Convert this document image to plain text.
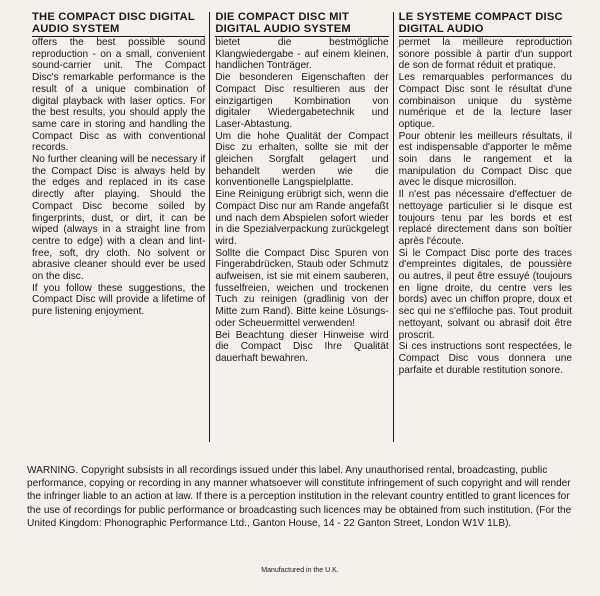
THE COMPACT DISC DIGITAL AUDIO SYSTEM

offers the best possible sound reproduction - on a small, convenient sound-carrier unit. The Compact Disc's remarkable performance is the result of a unique combination of digital playback with laser optics. For the best results, you should apply the same care in storing and handling the Compact Disc as with conventional records.

No further cleaning will be necessary if the Compact Disc is always held by the edges and replaced in its case directly after playing. Should the Compact Disc become soiled by fingerprints, dust, or dirt, it can be wiped (always in a straight line from centre to edge) with a clean and lint-free, soft, dry cloth. No solvent or abrasive cleaner should ever be used on the disc.

If you follow these suggestions, the Compact Disc will provide a lifetime of pure listening enjoyment.

DIE COMPACT DISC MIT DIGITAL AUDIO SYSTEM

bietet die bestmögliche Klangwiedergabe - auf einem kleinen, handlichen Tonträger.

Die besonderen Eigenschaften der Compact Disc resultieren aus der einzigartigen Kombination von digitaler Wiedergabetechnik und Laser-Abtastung.

Um die hohe Qualität der Compact Disc zu erhalten, sollte sie mit der gleichen Sorgfalt gelagert und behandelt werden wie die konventionelle Langspielplatte.

Eine Reinigung erübrigt sich, wenn die Compact Disc nur am Rande angefaßt und nach dem Abspielen sofort wieder in die Spezialverpackung zurückgelegt wird.

Sollte die Compact Disc Spuren von Fingerabdrücken, Staub oder Schmutz aufweisen, ist sie mit einem sauberen, fusselfreien, weichen und trockenen Tuch zu reinigen (gradlinig von der Mitte zum Rand). Bitte keine Lösungs- oder Scheuermittel verwenden!

Bei Beachtung dieser Hinweise wird die Compact Disc Ihre Qualität dauerhaft bewahren.

LE SYSTÈME COMPACT DISC DIGITAL AUDIO

permet la meilleure reproduction sonore possible à partir d'un support de son de format réduit et pratique.

Les remarquables performances du Compact Disc sont le résultat d'une combinaison unique du système numérique et de la lecture laser optique.

Pour obtenir les meilleurs résultats, il est indispensable d'apporter le même soin dans le rangement et la manipulation du Compact Disc que avec le disque microsillon.

Il n'est pas nécessaire d'effectuer de nettoyage particulier si le disque est toujours tenu par les bords et est replacé directement dans son boîtier après l'écoute.

Si le Compact Disc porte des traces d'empreintes digitales, de poussière ou autres, il peut être essuyé (toujours en ligne droite, du centre vers les bords) avec un chiffon propre, doux et sec qui ne s'effiloche pas. Tout produit nettoyant, solvant ou abrasif doit être proscrit.

Si ces instructions sont respectées, le Compact Disc vous donnera une parfaite et durable restitution sonore.

WARNING. Copyright subsists in all recordings issued under this label. Any unauthorised rental, broadcasting, public performance, copying or recording in any manner whatsoever will constitute infringement of such copyright and will render the infringer liable to an action at law. If there is a perception institution in the relevant country entitled to grant licences for the use of recordings for public performance or broadcasting such licences may be obtained from such institution. (For the United Kingdom: Phonographic Performance Ltd., Ganton House, 14 - 22 Ganton Street, London W1V 1LB).

Manufactured in the U.K.
